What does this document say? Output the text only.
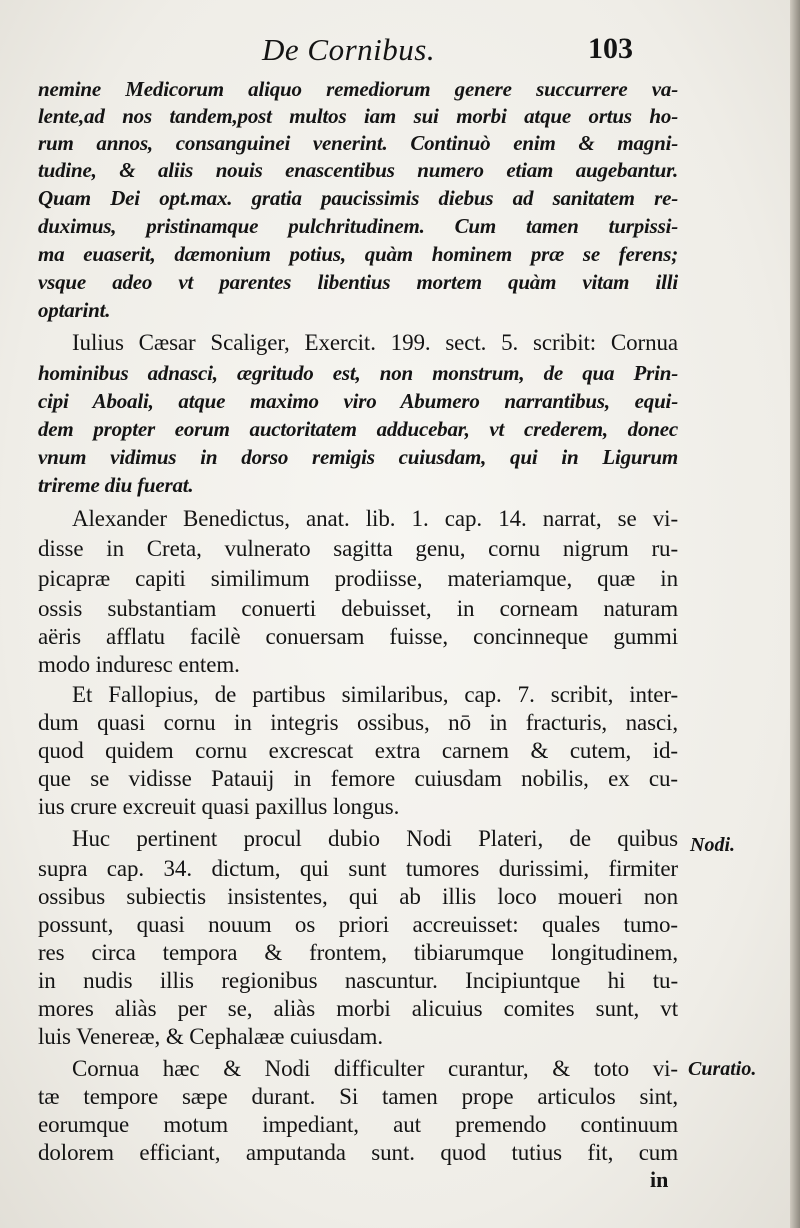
De Cornibus.	103
nemine Medicorum aliquo remediorum genere succurrere va-
lente,ad nos tandem,post multos iam sui morbi atque ortus ho-
rum annos, consanguinei venerint. Continuò enim & magni-
tudine, & aliis nouis enascentibus numero etiam augebantur.
Quam Dei opt.max. gratia paucissimis diebus ad sanitatem re-
duximus, pristinamque pulchritudinem. Cum tamen turpissi-
ma euaserit, dæmonium potius, quàm hominem præ se ferens;
vsque adeo vt parentes libentius mortem quàm vitam illi
optarint.
Iulius Cæsar Scaliger, Exercit. 199. sect. 5. scribit: Cornua
hominibus adnasci, ægritudo est, non monstrum, de qua Prin-
cipi Aboali, atque maximo viro Abumero narrantibus, equi-
dem propter eorum auctoritatem adducebar, vt crederem, donec
vnum vidimus in dorso remigis cuiusdam, qui in Ligurum
trireme diu fuerat.
Alexander Benedictus, anat. lib. 1. cap. 14. narrat, se vi-
disse in Creta, vulnerato sagitta genu, cornu nigrum ru-
picapræ capiti similimum prodiisse, materiamque, quæ in
ossis substantiam conuerti debuisset, in corneam naturam
aëris afflatu facilè conuersam fuisse, concinneque gummi
modo induresc entem.
Et Fallopius, de partibus similaribus, cap. 7. scribit, inter-
dum quasi cornu in integris ossibus, nō in fracturis, nasci,
quod quidem cornu excrescat extra carnem & cutem, id-
que se vidisse Patauij in femore cuiusdam nobilis, ex cu-
ius crure excreuit quasi paxillus longus.
Huc pertinent procul dubio Nodi Plateri, de quibus
supra cap. 34. dictum, qui sunt tumores durissimi, firmiter
ossibus subiectis insistentes, qui ab illis loco moueri non
possunt, quasi nouum os priori accreuisset: quales tumo-
res circa tempora & frontem, tibiarumque longitudinem,
in nudis illis regionibus nascuntur. Incipiuntque hi tu-
mores aliàs per se, aliàs morbi alicuius comites sunt, vt
luis Venereæ, & Cephalææ cuiusdam.
Cornua hæc & Nodi difficulter curantur, & toto vi-
tæ tempore sæpe durant. Si tamen prope articulos sint,
eorumque motum impediant, aut premendo continuum
dolorem efficiant, amputanda sunt. quod tutius fit, cum
Nodi.
Curatio.
in
